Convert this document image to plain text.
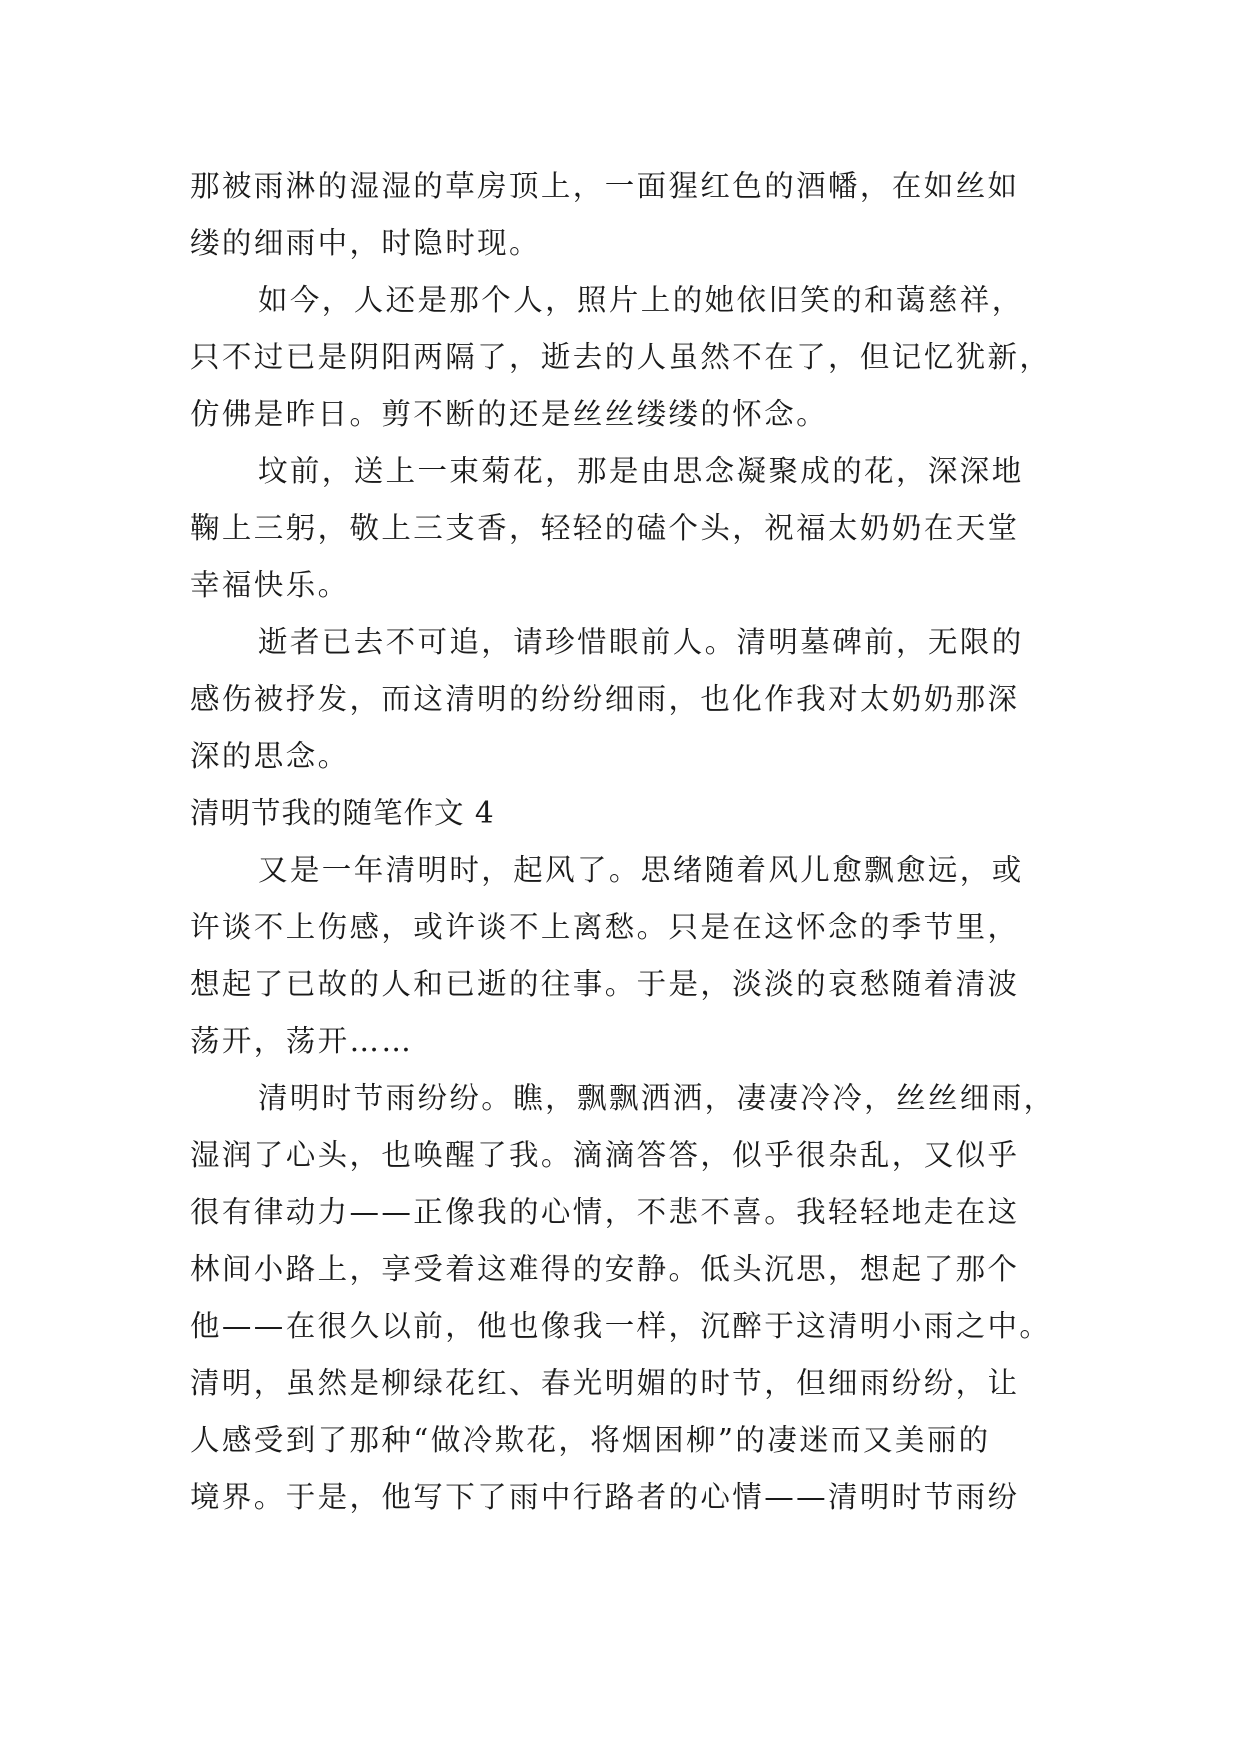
那被雨淋的湿湿的草房顶上，一面猩红色的酒幡，在如丝如
缕的细雨中，时隐时现。
如今，人还是那个人，照片上的她依旧笑的和蔼慈祥，
只不过已是阴阳两隔了，逝去的人虽然不在了，但记忆犹新，
仿佛是昨日。剪不断的还是丝丝缕缕的怀念。
坟前，送上一束菊花，那是由思念凝聚成的花，深深地
鞠上三躬，敬上三支香，轻轻的磕个头，祝福太奶奶在天堂
幸福快乐。
逝者已去不可追，请珍惜眼前人。清明墓碑前，无限的
感伤被抒发，而这清明的纷纷细雨，也化作我对太奶奶那深
深的思念。
清明节我的随笔作文 4
又是一年清明时，起风了。思绪随着风儿愈飘愈远，或
许谈不上伤感，或许谈不上离愁。只是在这怀念的季节里，
想起了已故的人和已逝的往事。于是，淡淡的哀愁随着清波
荡开，荡开……
清明时节雨纷纷。瞧，飘飘洒洒，凄凄冷冷，丝丝细雨，
湿润了心头，也唤醒了我。滴滴答答，似乎很杂乱，又似乎
很有律动力——正像我的心情，不悲不喜。我轻轻地走在这
林间小路上，享受着这难得的安静。低头沉思，想起了那个
他——在很久以前，他也像我一样，沉醉于这清明小雨之中。
清明，虽然是柳绿花红、春光明媚的时节，但细雨纷纷，让
人感受到了那种“做冷欺花，将烟困柳”的凄迷而又美丽的
境界。于是，他写下了雨中行路者的心情——清明时节雨纷
